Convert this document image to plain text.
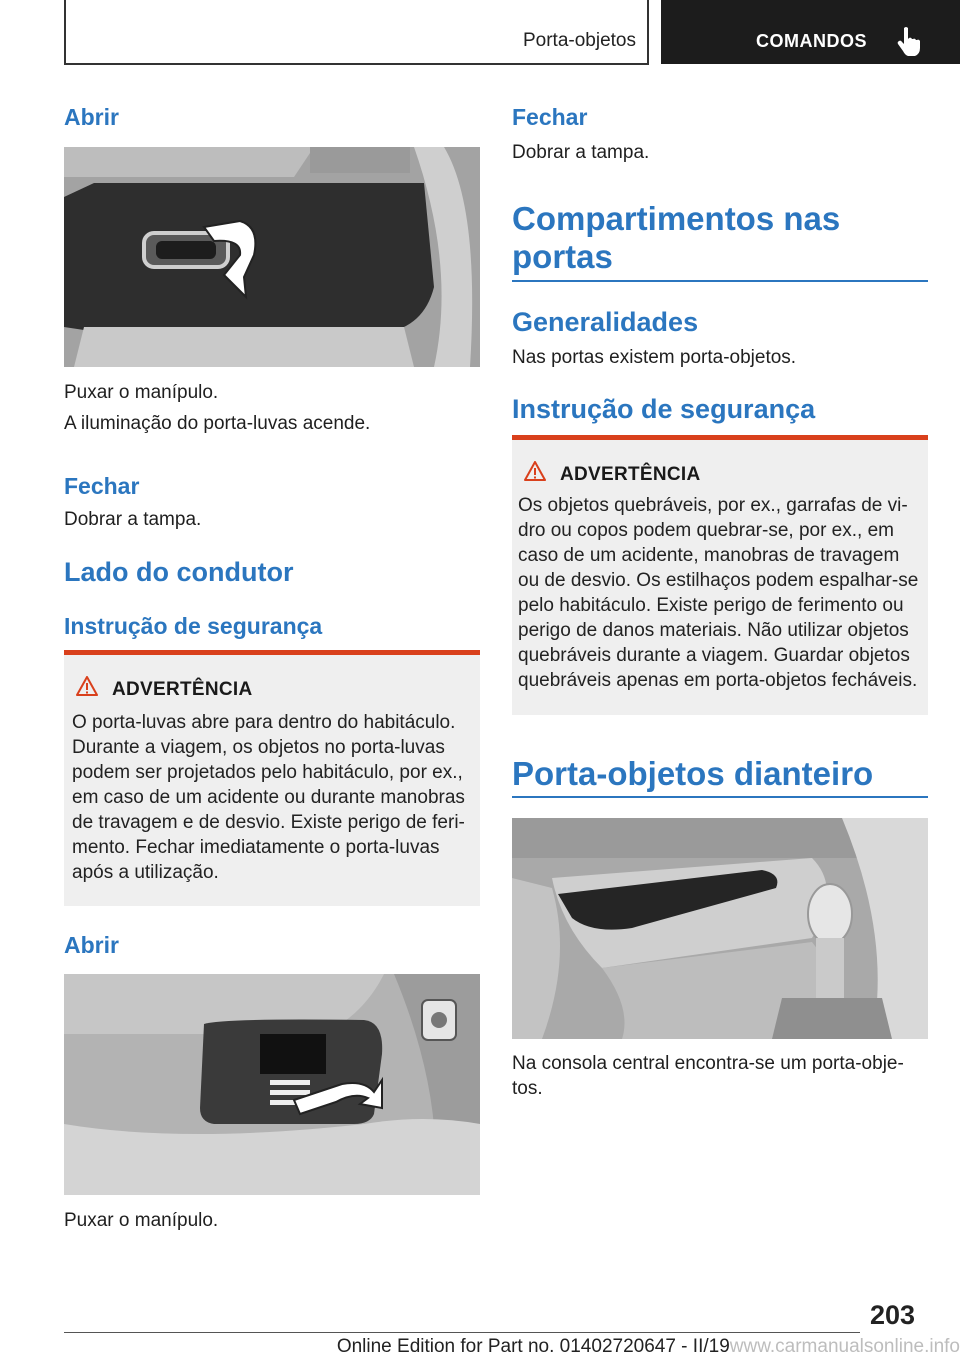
Porta-objetos	COMANDOS
Abrir
Puxar o manípulo.
A iluminação do porta-luvas acende.
Fechar
Dobrar a tampa.
Lado do condutor
Instrução de segurança
ADVERTÊNCIA
O porta-luvas abre para dentro do habitáculo.
Durante a viagem, os objetos no porta-luvas
podem ser projetados pelo habitáculo, por ex.,
em caso de um acidente ou durante manobras
de travagem e de desvio. Existe perigo de feri-
mento. Fechar imediatamente o porta-luvas
após a utilização.
Abrir
Puxar o manípulo.
Fechar
Dobrar a tampa.
Compartimentos nas
portas
Generalidades
Nas portas existem porta-objetos.
Instrução de segurança
ADVERTÊNCIA
Os objetos quebráveis, por ex., garrafas de vi-
dro ou copos podem quebrar-se, por ex., em
caso de um acidente, manobras de travagem
ou de desvio. Os estilhaços podem espalhar-se
pelo habitáculo. Existe perigo de ferimento ou
perigo de danos materiais. Não utilizar objetos
quebráveis durante a viagem. Guardar objetos
quebráveis apenas em porta-objetos fecháveis.
Porta-objetos dianteiro
Na consola central encontra-se um porta-obje-
tos.
203
Online Edition for Part no. 01402720647 - II/19www.carmanualsonline.info
